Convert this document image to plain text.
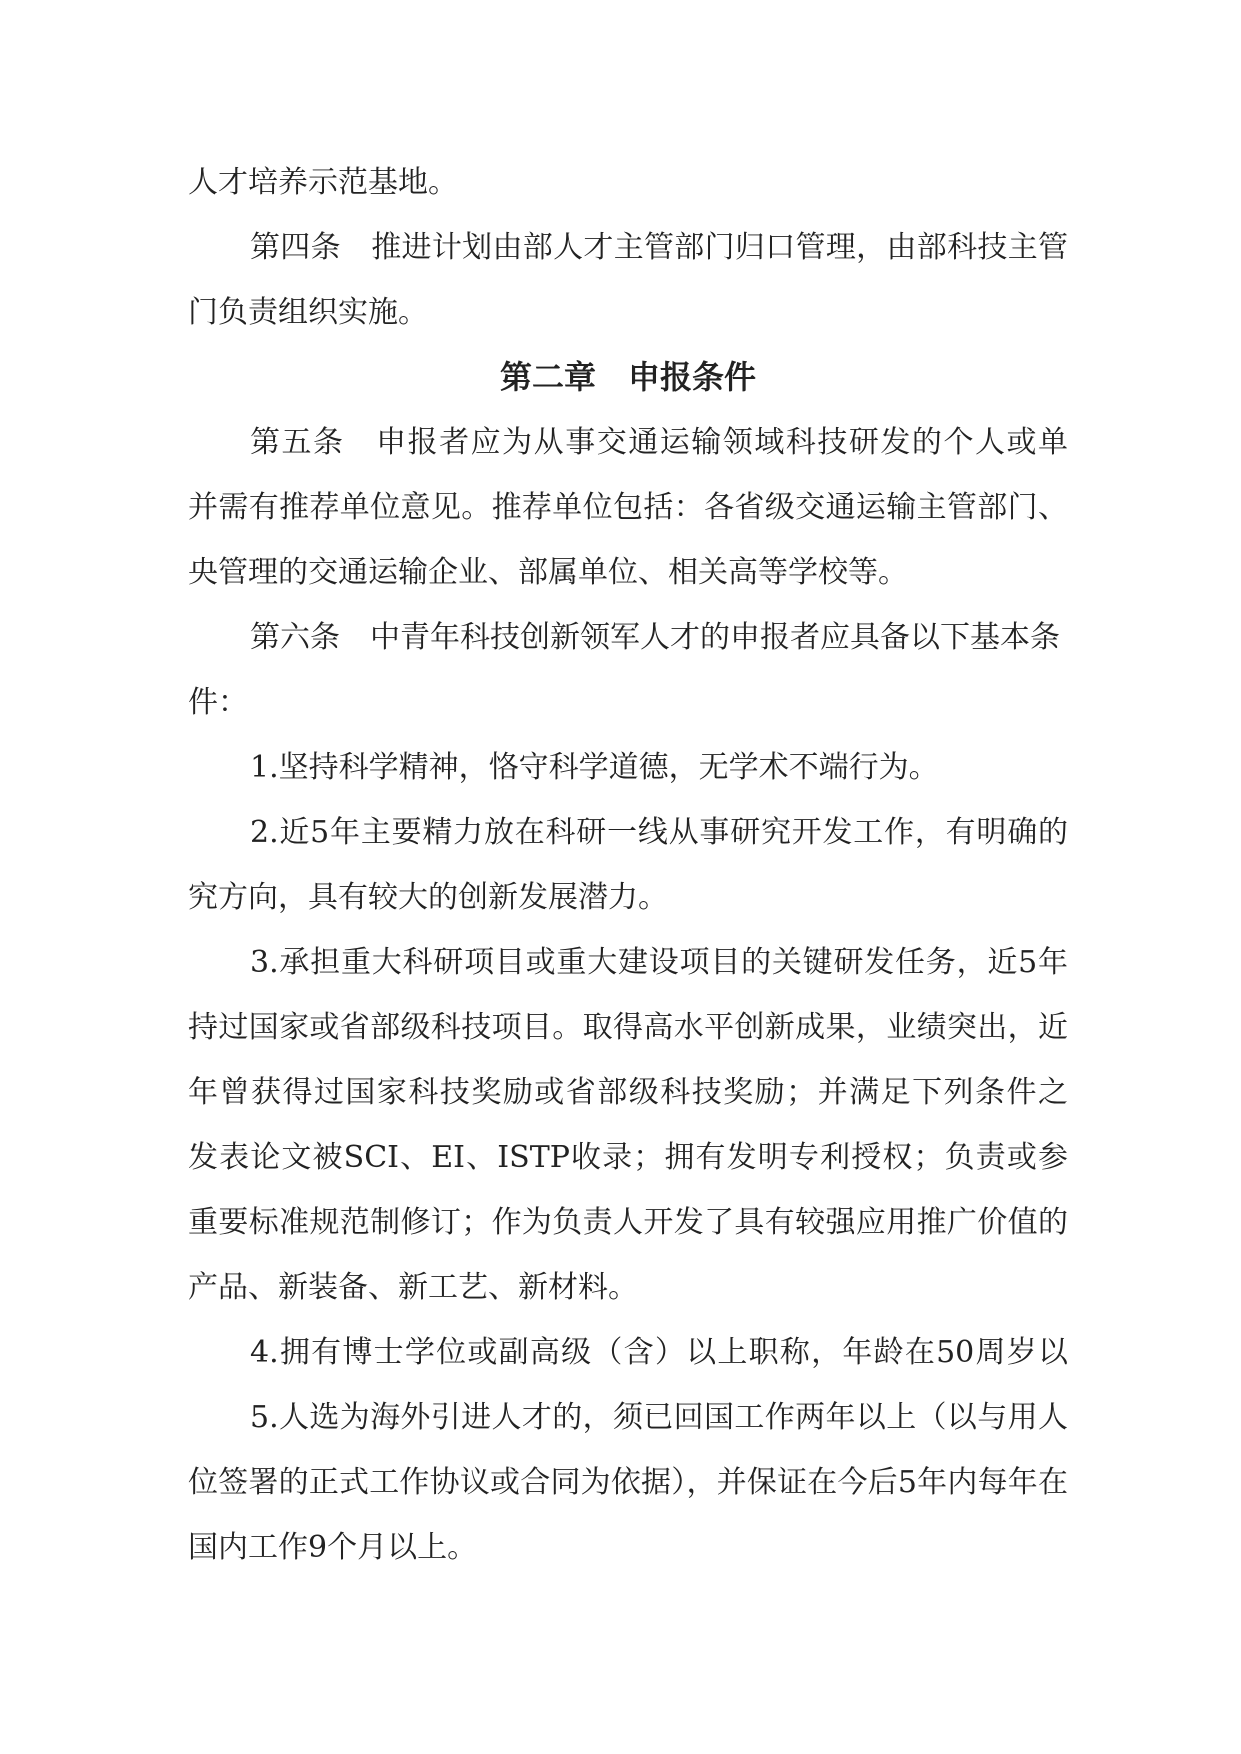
人才培养示范基地。
第四条　推进计划由部人才主管部门归口管理，由部科技主管
门负责组织实施。
第二章　申报条件
第五条　申报者应为从事交通运输领域科技研发的个人或单
并需有推荐单位意见。推荐单位包括：各省级交通运输主管部门、
央管理的交通运输企业、部属单位、相关高等学校等。
第六条　中青年科技创新领军人才的申报者应具备以下基本条
件：
1.坚持科学精神，恪守科学道德，无学术不端行为。
2.近5年主要精力放在科研一线从事研究开发工作，有明确的
究方向，具有较大的创新发展潜力。
3.承担重大科研项目或重大建设项目的关键研发任务，近5年
持过国家或省部级科技项目。取得高水平创新成果，业绩突出，近
年曾获得过国家科技奖励或省部级科技奖励；并满足下列条件之
发表论文被SCI、EI、ISTP收录；拥有发明专利授权；负责或参
重要标准规范制修订；作为负责人开发了具有较强应用推广价值的
产品、新装备、新工艺、新材料。
4.拥有博士学位或副高级（含）以上职称，年龄在50周岁以
5.人选为海外引进人才的，须已回国工作两年以上（以与用人
位签署的正式工作协议或合同为依据），并保证在今后5年内每年在
国内工作9个月以上。
